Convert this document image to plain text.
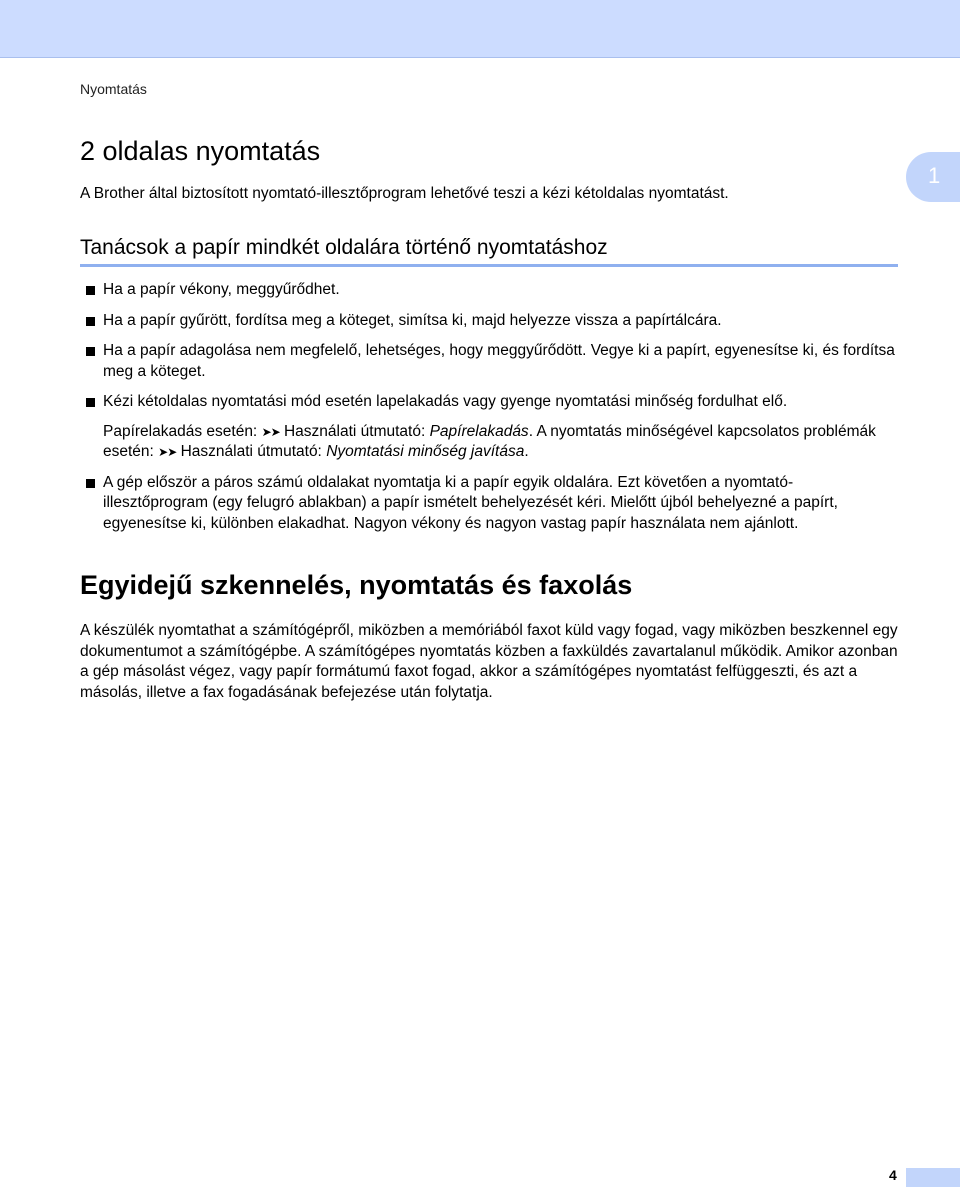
Nyomtatás
1
2 oldalas nyomtatás

A Brother által biztosított nyomtató-illesztőprogram lehetővé teszi a kézi kétoldalas nyomtatást.

Tanácsok a papír mindkét oldalára történő nyomtatáshoz
Ha a papír vékony, meggyűrődhet.
Ha a papír gyűrött, fordítsa meg a köteget, simítsa ki, majd helyezze vissza a papírtálcára.
Ha a papír adagolása nem megfelelő, lehetséges, hogy meggyűrődött. Vegye ki a papírt, egyenesítse ki, és fordítsa meg a köteget.
Kézi kétoldalas nyomtatási mód esetén lapelakadás vagy gyenge nyomtatási minőség fordulhat elő.
Papírelakadás esetén: ➤➤ Használati útmutató: Papírelakadás. A nyomtatás minőségével kapcsolatos problémák esetén: ➤➤ Használati útmutató: Nyomtatási minőség javítása.
A gép először a páros számú oldalakat nyomtatja ki a papír egyik oldalára. Ezt követően a nyomtató-illesztőprogram (egy felugró ablakban) a papír ismételt behelyezését kéri. Mielőtt újból behelyezné a papírt, egyenesítse ki, különben elakadhat. Nagyon vékony és nagyon vastag papír használata nem ajánlott.
Egyidejű szkennelés, nyomtatás és faxolás

A készülék nyomtathat a számítógépről, miközben a memóriából faxot küld vagy fogad, vagy miközben beszkennel egy dokumentumot a számítógépbe. A számítógépes nyomtatás közben a faxküldés zavartalanul működik. Amikor azonban a gép másolást végez, vagy papír formátumú faxot fogad, akkor a számítógépes nyomtatást felfüggeszti, és azt a másolás, illetve a fax fogadásának befejezése után folytatja.

4
